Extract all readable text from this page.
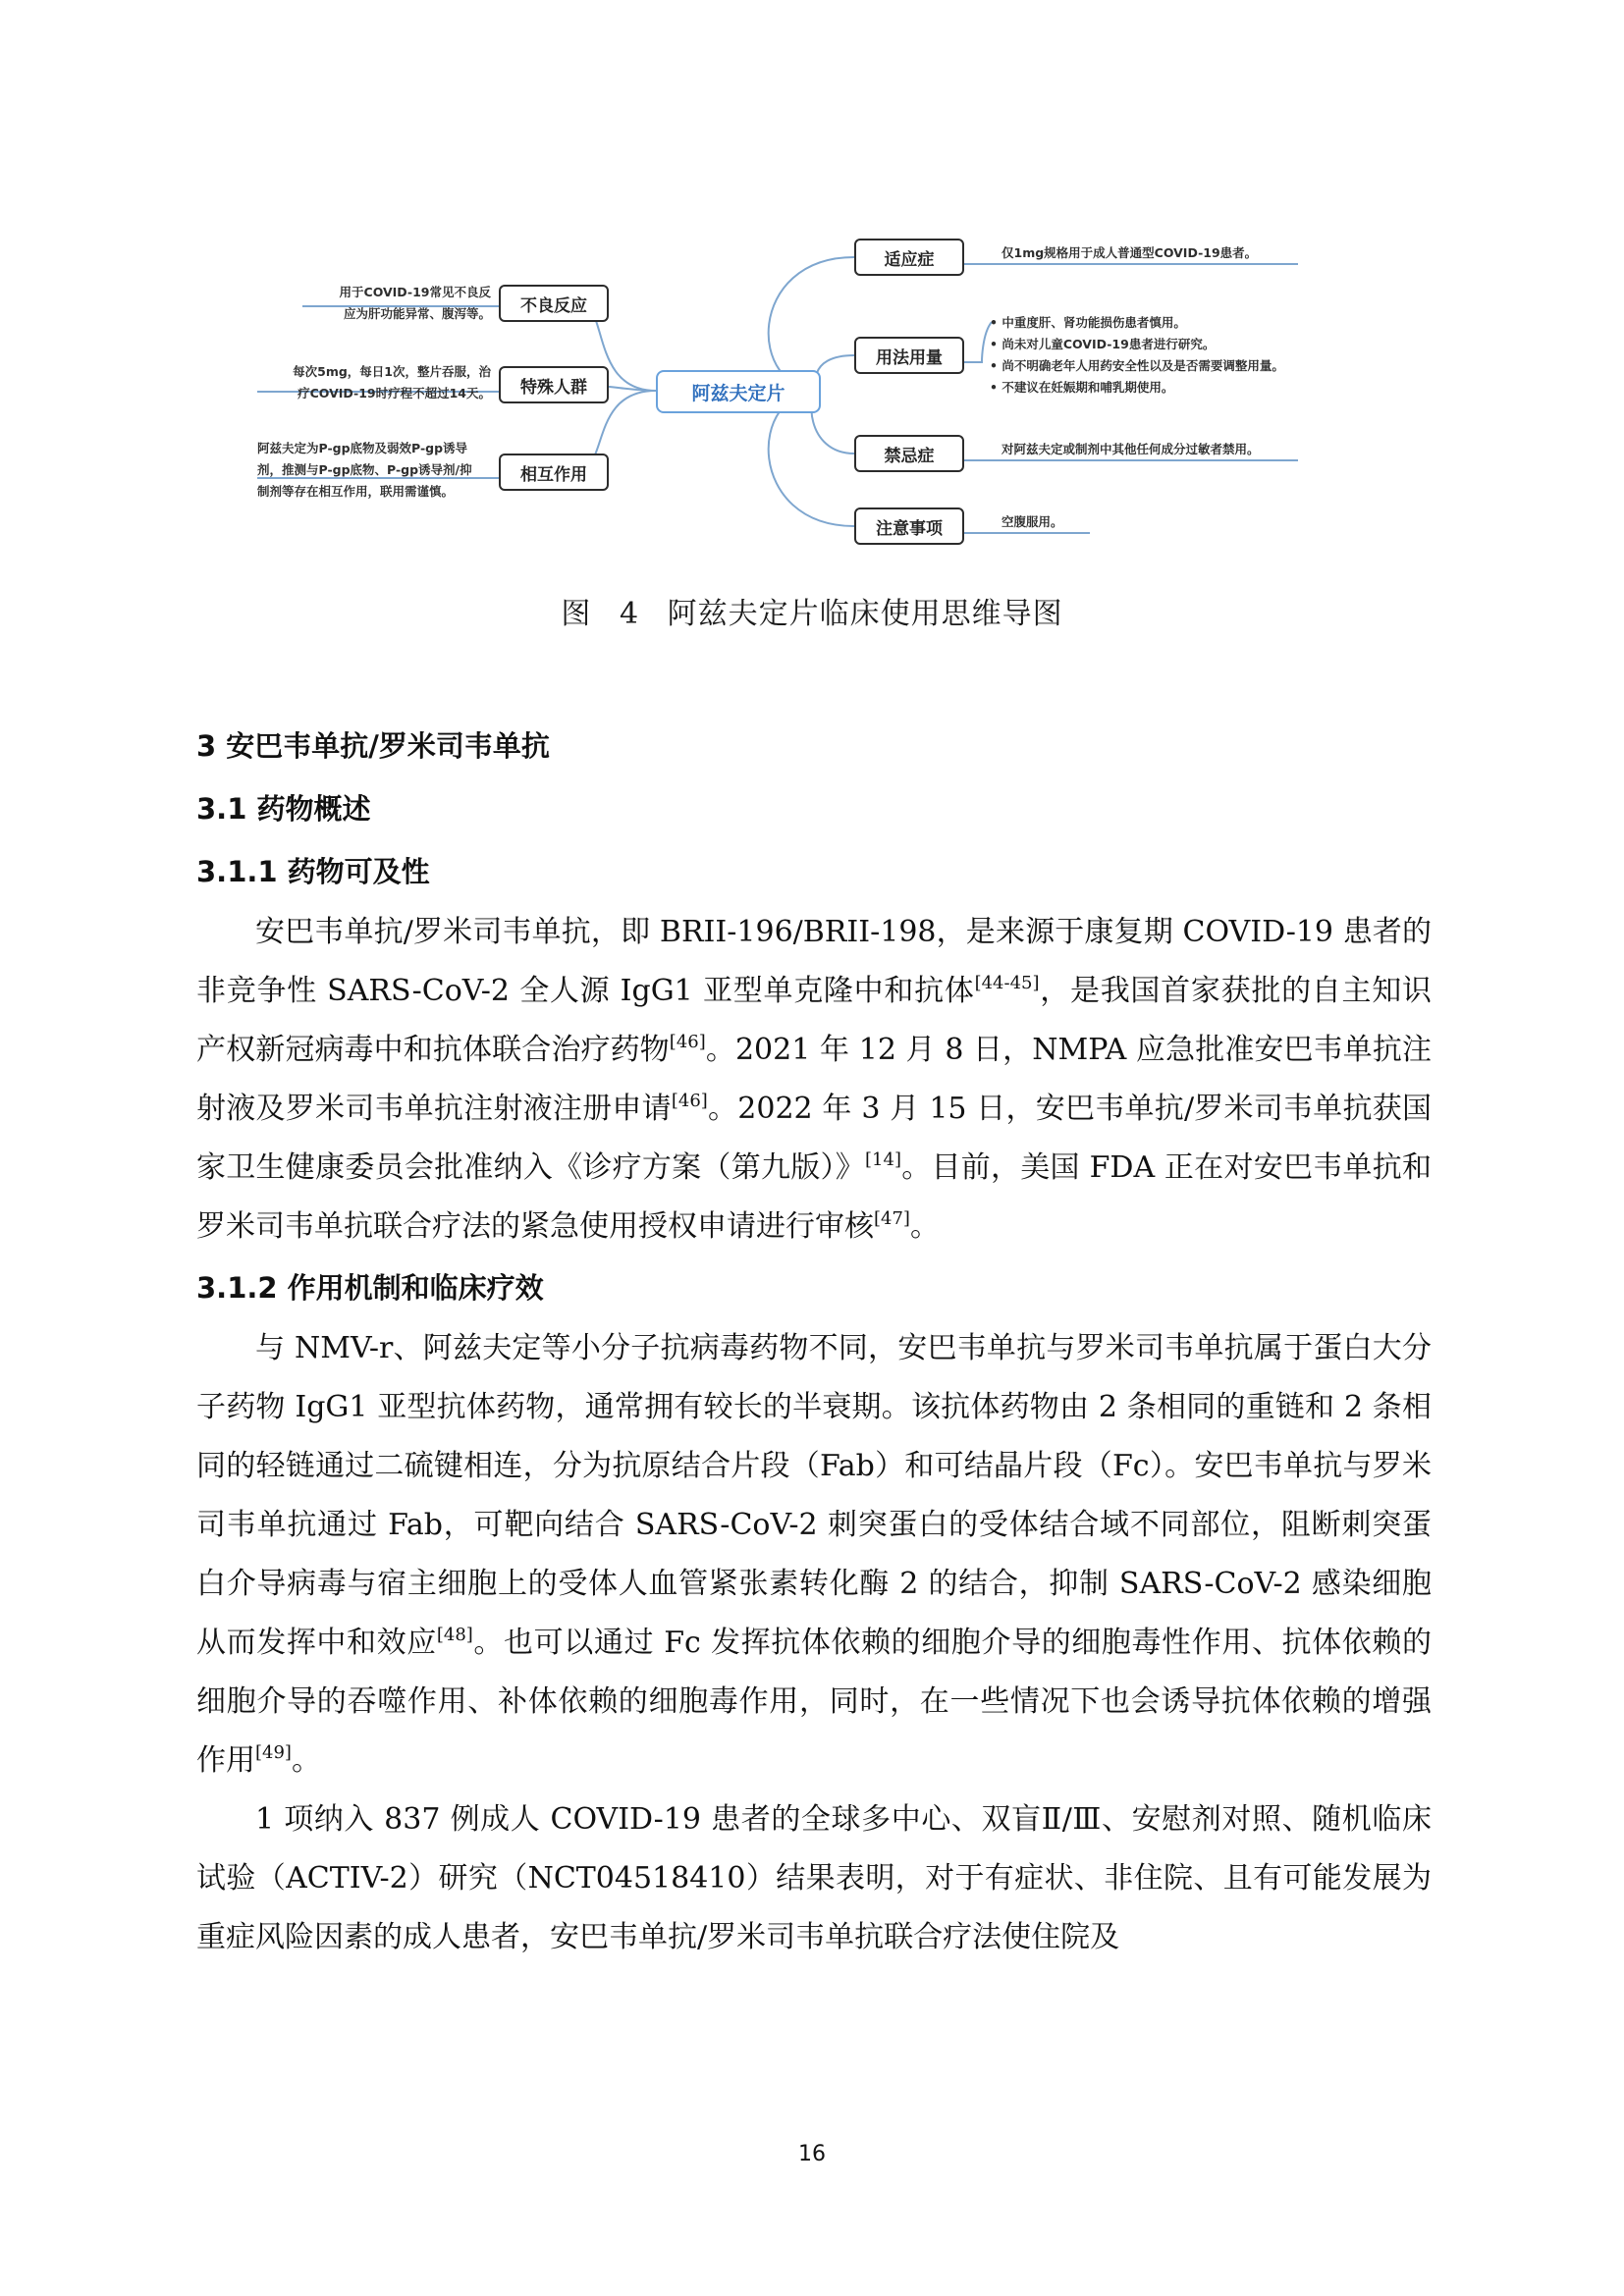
阿兹夫定片
不良反应
特殊人群
相互作用
用于COVID-19常见不良反
应为肝功能异常、腹泻等。
每次5mg，每日1次，整片吞服，治
疗COVID-19时疗程不超过14天。
阿兹夫定为P-gp底物及弱效P-gp诱导
剂，推测与P-gp底物、P-gp诱导剂/抑
制剂等存在相互作用，联用需谨慎。
适应症
用法用量
禁忌症
注意事项
仅1mg规格用于成人普通型COVID-19患者。
• 中重度肝、肾功能损伤患者慎用。
• 尚未对儿童COVID-19患者进行研究。
• 尚不明确老年人用药安全性以及是否需要调整用量。
• 不建议在妊娠期和哺乳期使用。
对阿兹夫定或制剂中其他任何成分过敏者禁用。
空腹服用。
图 4 阿兹夫定片临床使用思维导图
3 安巴韦单抗/罗米司韦单抗
3.1 药物概述
3.1.1 药物可及性

安巴韦单抗/罗米司韦单抗，即 BRII-196/BRII-198，是来源于康复期 COVID-19 患者的非竞争性 SARS-CoV-2 全人源 IgG1 亚型单克隆中和抗体[44-45]，是我国首家获批的自主知识产权新冠病毒中和抗体联合治疗药物[46]。2021 年 12 月 8 日，NMPA 应急批准安巴韦单抗注射液及罗米司韦单抗注射液注册申请[46]。2022 年 3 月 15 日，安巴韦单抗/罗米司韦单抗获国家卫生健康委员会批准纳入《诊疗方案（第九版）》[14]。目前，美国 FDA 正在对安巴韦单抗和罗米司韦单抗联合疗法的紧急使用授权申请进行审核[47]。

3.1.2 作用机制和临床疗效

与 NMV-r、阿兹夫定等小分子抗病毒药物不同，安巴韦单抗与罗米司韦单抗属于蛋白大分子药物 IgG1 亚型抗体药物，通常拥有较长的半衰期。该抗体药物由 2 条相同的重链和 2 条相同的轻链通过二硫键相连，分为抗原结合片段（Fab）和可结晶片段（Fc）。安巴韦单抗与罗米司韦单抗通过 Fab，可靶向结合 SARS-CoV-2 刺突蛋白的受体结合域不同部位，阻断刺突蛋白介导病毒与宿主细胞上的受体人血管紧张素转化酶 2 的结合，抑制 SARS-CoV-2 感染细胞从而发挥中和效应[48]。也可以通过 Fc 发挥抗体依赖的细胞介导的细胞毒性作用、抗体依赖的细胞介导的吞噬作用、补体依赖的细胞毒作用，同时，在一些情况下也会诱导抗体依赖的增强作用[49]。

1 项纳入 837 例成人 COVID-19 患者的全球多中心、双盲Ⅱ/Ⅲ、安慰剂对照、随机临床试验（ACTIV-2）研究（NCT04518410）结果表明，对于有症状、非住院、且有可能发展为重症风险因素的成人患者，安巴韦单抗/罗米司韦单抗联合疗法使住院及

16
